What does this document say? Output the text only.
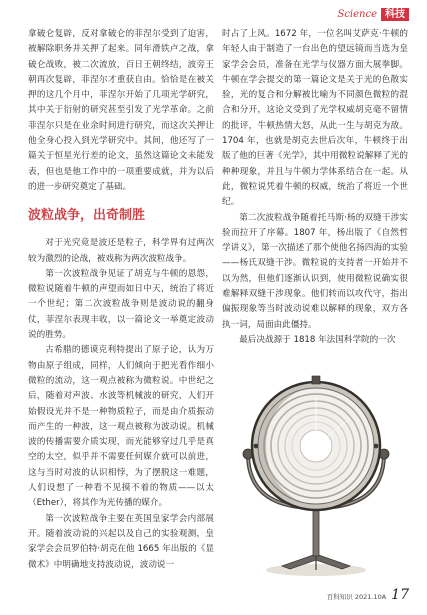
Science 科技

拿破仑复辟，反对拿破仑的菲涅尔受到了迫害，被解除职务并关押了起来。同年滑铁卢之战，拿破仑战败，被二次流放，百日王朝终结，波旁王朝再次复辟，菲涅尔才重获自由。恰恰是在被关押的这几个月中，菲涅尔开始了几项光学研究，其中关于衍射的研究甚至引发了光学革命。之前菲涅尔只是在业余时间进行研究，而这次关押让他全身心投入到光学研究中。其间，他还写了一篇关于恒星光行差的论文，虽然这篇论文未能发表，但也是他工作中的一项重要成就，并为以后的进一步研究奠定了基础。

波粒战争，出奇制胜

对于光究竟是波还是粒子，科学界有过两次较为激烈的论战，被戏称为两次波粒战争。

第一次波粒战争见证了胡克与牛顿的恩怨，微粒说随着牛顿的声望而如日中天，统治了将近一个世纪；第二次波粒战争则是波动说的翻身仗，菲涅尔表现丰收，以一篇论文一举奠定波动说的胜势。

古希腊的德谟克利特提出了原子论，认为万物由原子组成，同样，人们倾向于把光看作细小微粒的流动，这一观点被称为微粒说。中世纪之后，随着对声波、水波等机械波的研究，人们开始假设光并不是一种物质粒子，而是由介质振动而产生的一种波，这一观点被称为波动说。机械波的传播需要介质实现，而光能够穿过几乎是真空的太空，似乎并不需要任何媒介就可以前进，这与当时对波的认识相悖，为了摆脱这一难题，人们设想了一种看不见摸不着的物质——以太（Ether），将其作为光传播的媒介。

第一次波粒战争主要在英国皇家学会内部展开。随着波动说的兴起以及自己的实验观测，皇家学会会员罗伯特·胡克在他 1665 年出版的《显微术》中明确地支持波动说，波动说一

时占了上风。1672 年，一位名叫艾萨克·牛顿的年轻人由于制造了一台出色的望远镜而当选为皇家学会会员，准备在光学与仪器方面大展拳脚。牛顿在学会提交的第一篇论文是关于光的色散实验，光的复合和分解被比喻为不同颜色微粒的混合和分开，这论文受到了光学权威胡克毫不留情的批评，牛顿热情大怒，从此一生与胡克为敌。1704 年，也就是胡克去世后次年，牛顿终于出版了他的巨著《光学》，其中用微粒说解释了光的种种现象，并且与牛顿力学体系结合在一起。从此，微粒说凭着牛顿的权威，统治了将近一个世纪。

第二次波粒战争随着托马斯·杨的双缝干涉实验而拉开了序幕。1807 年，杨出版了《自然哲学讲义》，第一次描述了那个使他名扬四海的实验——杨氏双缝干涉。微粒说的支持者一开始并不以为然，但他们逐渐认识到，使用微粒说确实很难解释双缝干涉现象。他们转而以攻代守，指出偏振现象等当时波动说难以解释的现象，双方各执一词，局面由此僵持。

最后决战源于 1818 年法国科学院的一次

百科知识 2021.10A 17
